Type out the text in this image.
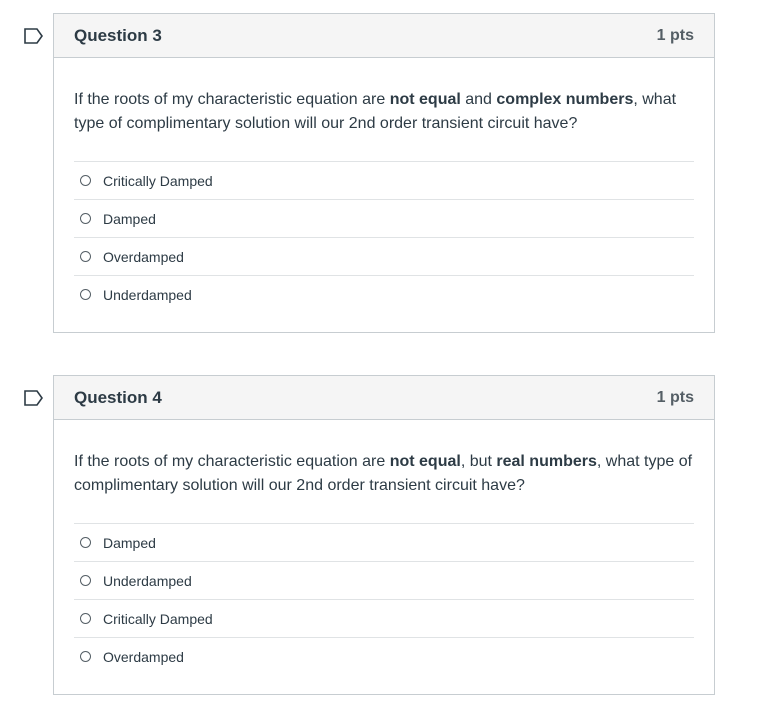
Question 3	1 pts
If the roots of my characteristic equation are not equal and complex numbers, what type of complimentary solution will our 2nd order transient circuit have?
Critically Damped
Damped
Overdamped
Underdamped
Question 4	1 pts
If the roots of my characteristic equation are not equal, but real numbers, what type of complimentary solution will our 2nd order transient circuit have?
Damped
Underdamped
Critically Damped
Overdamped
